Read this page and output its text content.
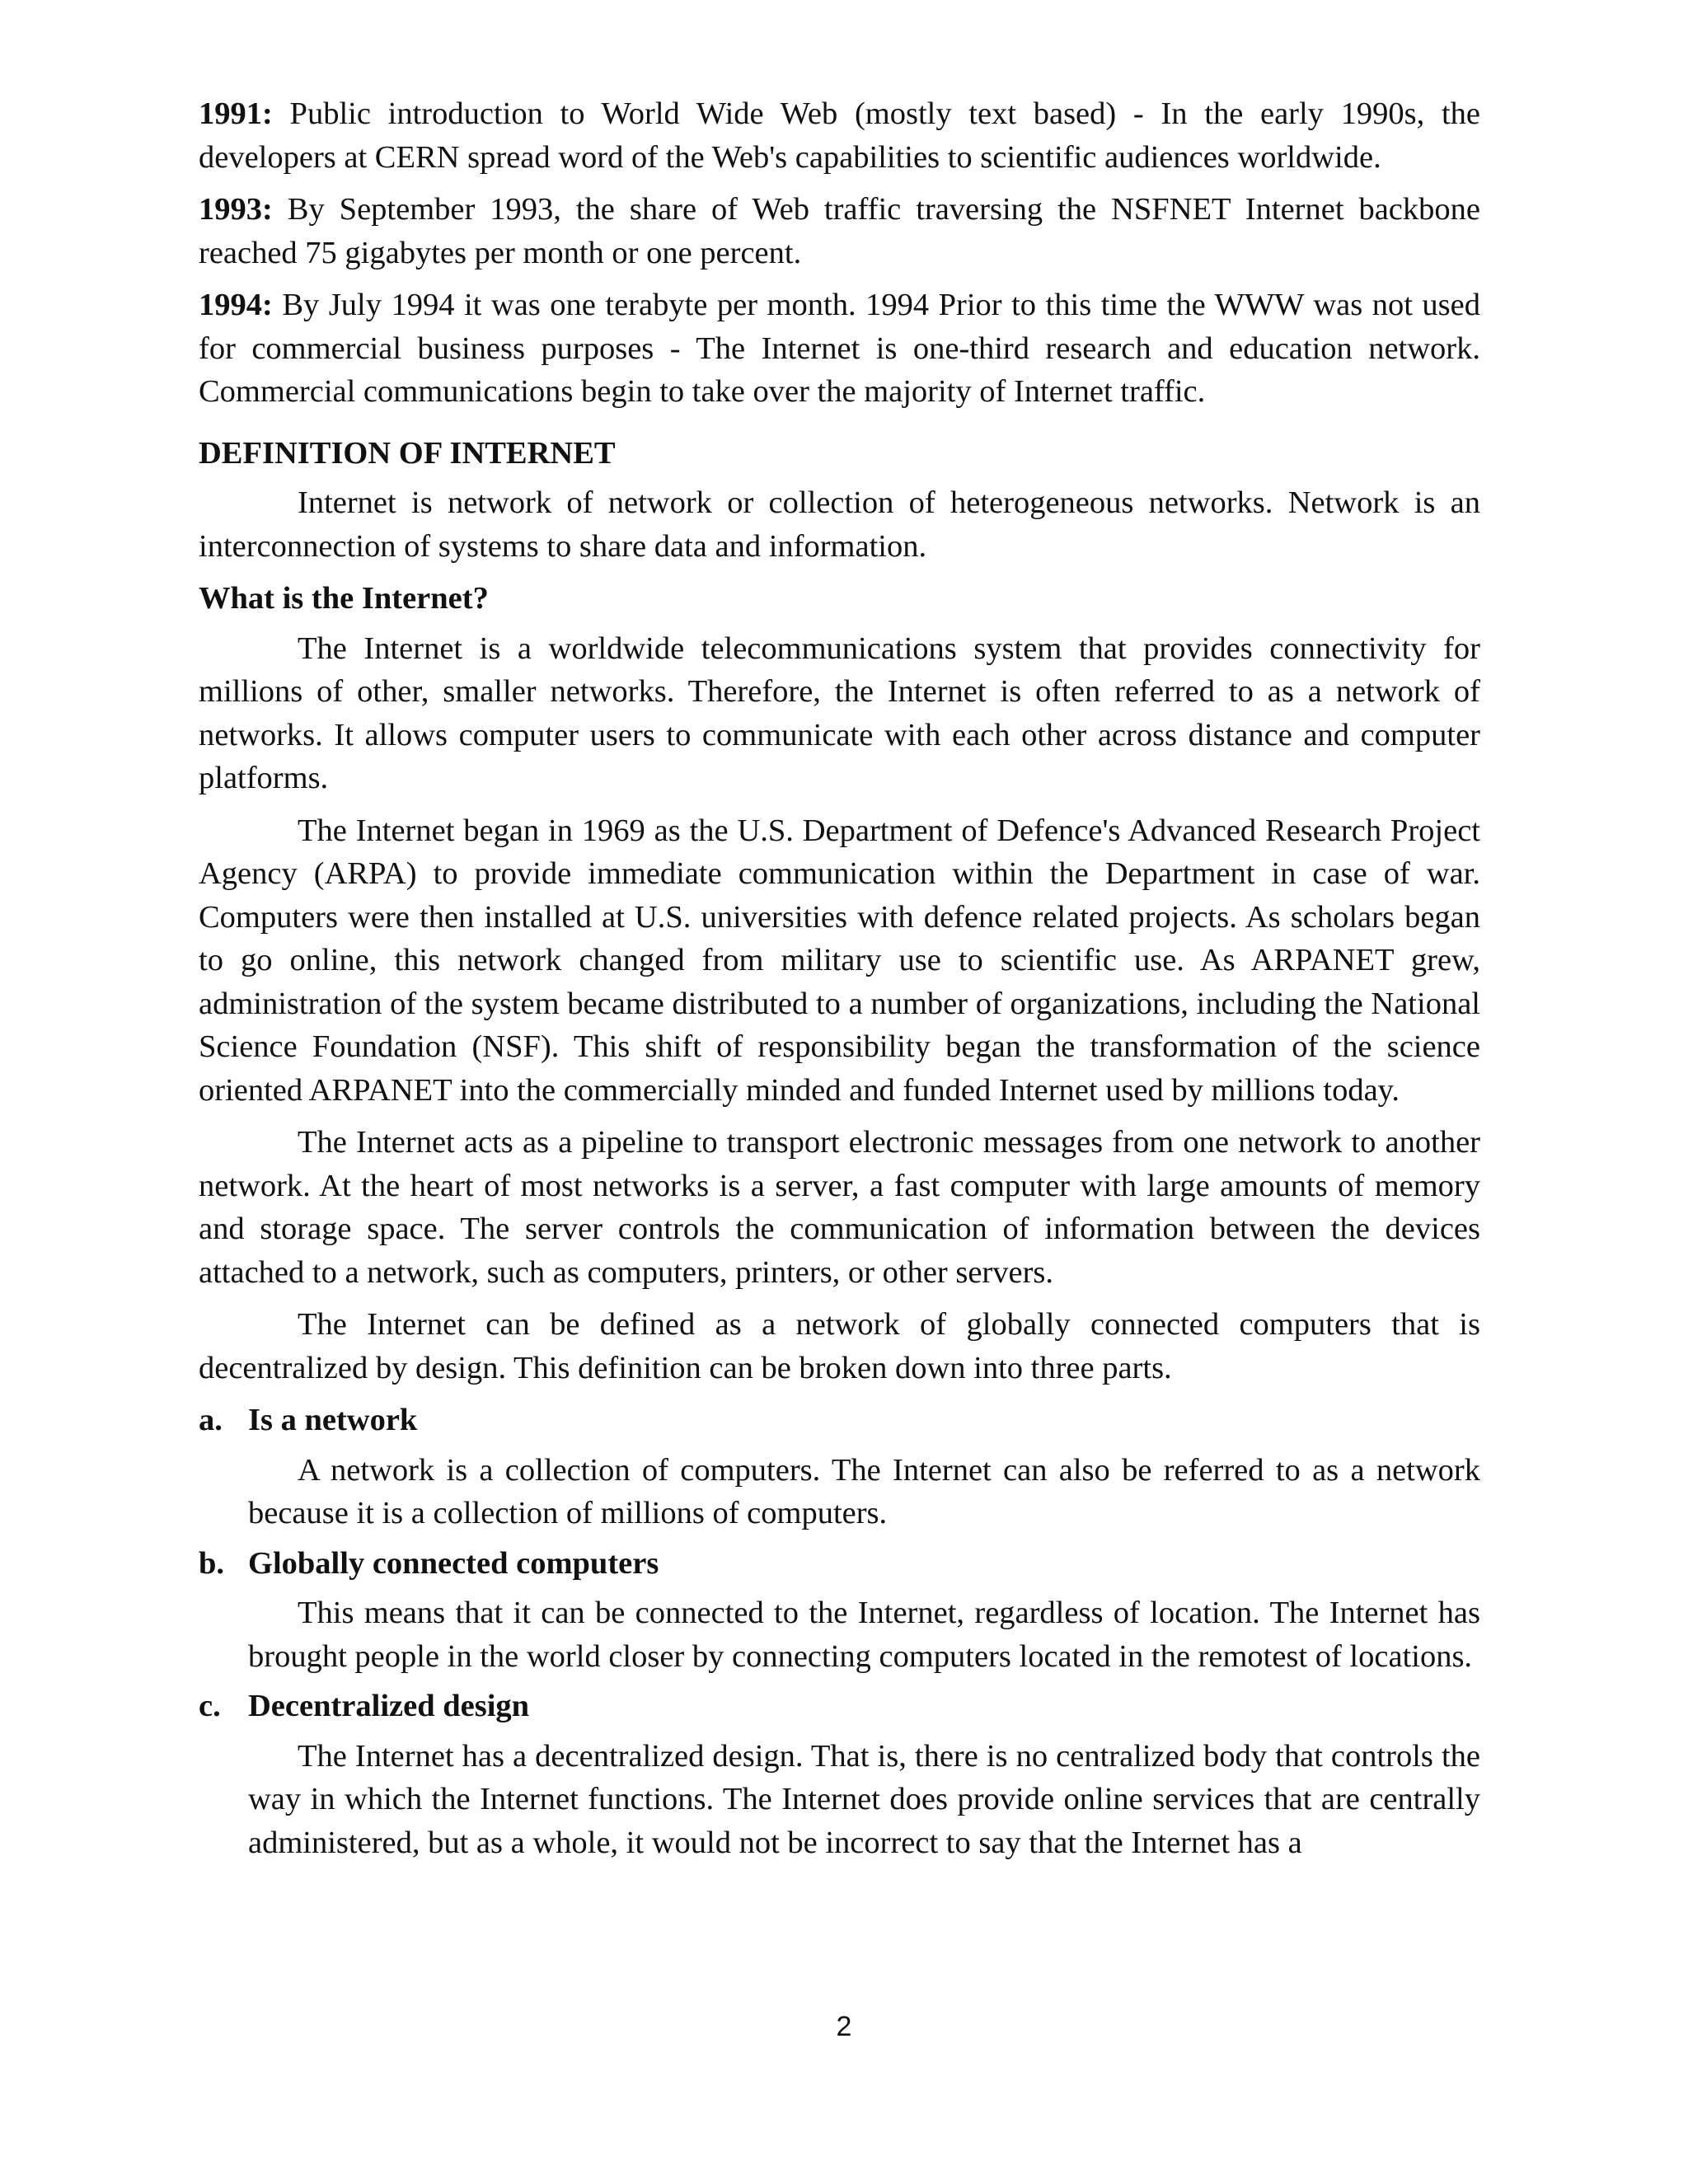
1991: Public introduction to World Wide Web (mostly text based) - In the early 1990s, the developers at CERN spread word of the Web's capabilities to scientific audiences worldwide.

1993: By September 1993, the share of Web traffic traversing the NSFNET Internet backbone reached 75 gigabytes per month or one percent.

1994: By July 1994 it was one terabyte per month. 1994 Prior to this time the WWW was not used for commercial business purposes - The Internet is one-third research and education network. Commercial communications begin to take over the majority of Internet traffic.

DEFINITION OF INTERNET

Internet is network of network or collection of heterogeneous networks. Network is an interconnection of systems to share data and information.

What is the Internet?

The Internet is a worldwide telecommunications system that provides connectivity for millions of other, smaller networks. Therefore, the Internet is often referred to as a network of networks. It allows computer users to communicate with each other across distance and computer platforms.

The Internet began in 1969 as the U.S. Department of Defence's Advanced Research Project Agency (ARPA) to provide immediate communication within the Department in case of war. Computers were then installed at U.S. universities with defence related projects. As scholars began to go online, this network changed from military use to scientific use. As ARPANET grew, administration of the system became distributed to a number of organizations, including the National Science Foundation (NSF). This shift of responsibility began the transformation of the science oriented ARPANET into the commercially minded and funded Internet used by millions today.

The Internet acts as a pipeline to transport electronic messages from one network to another network. At the heart of most networks is a server, a fast computer with large amounts of memory and storage space. The server controls the communication of information between the devices attached to a network, such as computers, printers, or other servers.

The Internet can be defined as a network of globally connected computers that is decentralized by design. This definition can be broken down into three parts.

a. Is a network

A network is a collection of computers. The Internet can also be referred to as a network because it is a collection of millions of computers.

b. Globally connected computers

This means that it can be connected to the Internet, regardless of location. The Internet has brought people in the world closer by connecting computers located in the remotest of locations.

c. Decentralized design

The Internet has a decentralized design. That is, there is no centralized body that controls the way in which the Internet functions. The Internet does provide online services that are centrally administered, but as a whole, it would not be incorrect to say that the Internet has a

2
